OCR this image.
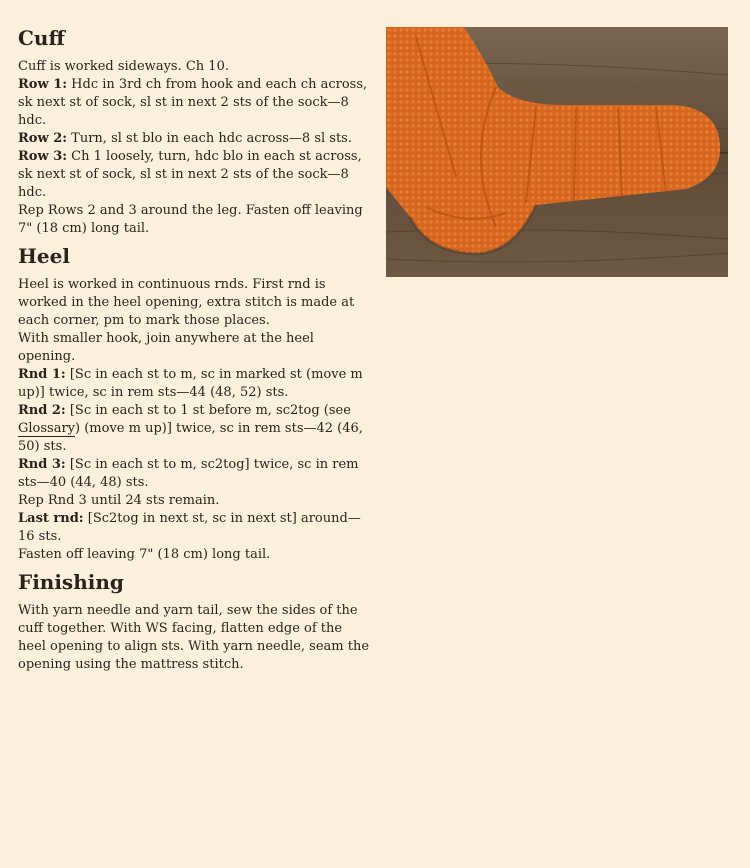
Cuff

Cuff is worked sideways. Ch 10.

Row 1: Hdc in 3rd ch from hook and each ch across, sk next st of sock, sl st in next 2 sts of the sock—8 hdc.

Row 2: Turn, sl st blo in each hdc across—8 sl sts.

Row 3: Ch 1 loosely, turn, hdc blo in each st across, sk next st of sock, sl st in next 2 sts of the sock—8 hdc.

Rep Rows 2 and 3 around the leg. Fasten off leaving 7" (18 cm) long tail.

Heel

Heel is worked in continuous rnds. First rnd is worked in the heel opening, extra stitch is made at each corner, pm to mark those places.

With smaller hook, join anywhere at the heel opening.

Rnd 1: [Sc in each st to m, sc in marked st (move m up)] twice, sc in rem sts—44 (48, 52) sts.

Rnd 2: [Sc in each st to 1 st before m, sc2tog (see Glossary) (move m up)] twice, sc in rem sts—42 (46, 50) sts.

Rnd 3: [Sc in each st to m, sc2tog] twice, sc in rem sts—40 (44, 48) sts.

Rep Rnd 3 until 24 sts remain.

Last rnd: [Sc2tog in next st, sc in next st] around—16 sts.

Fasten off leaving 7" (18 cm) long tail.

Finishing

With yarn needle and yarn tail, sew the sides of the cuff together. With WS facing, flatten edge of the heel opening to align sts. With yarn needle, seam the opening using the mattress stitch.
